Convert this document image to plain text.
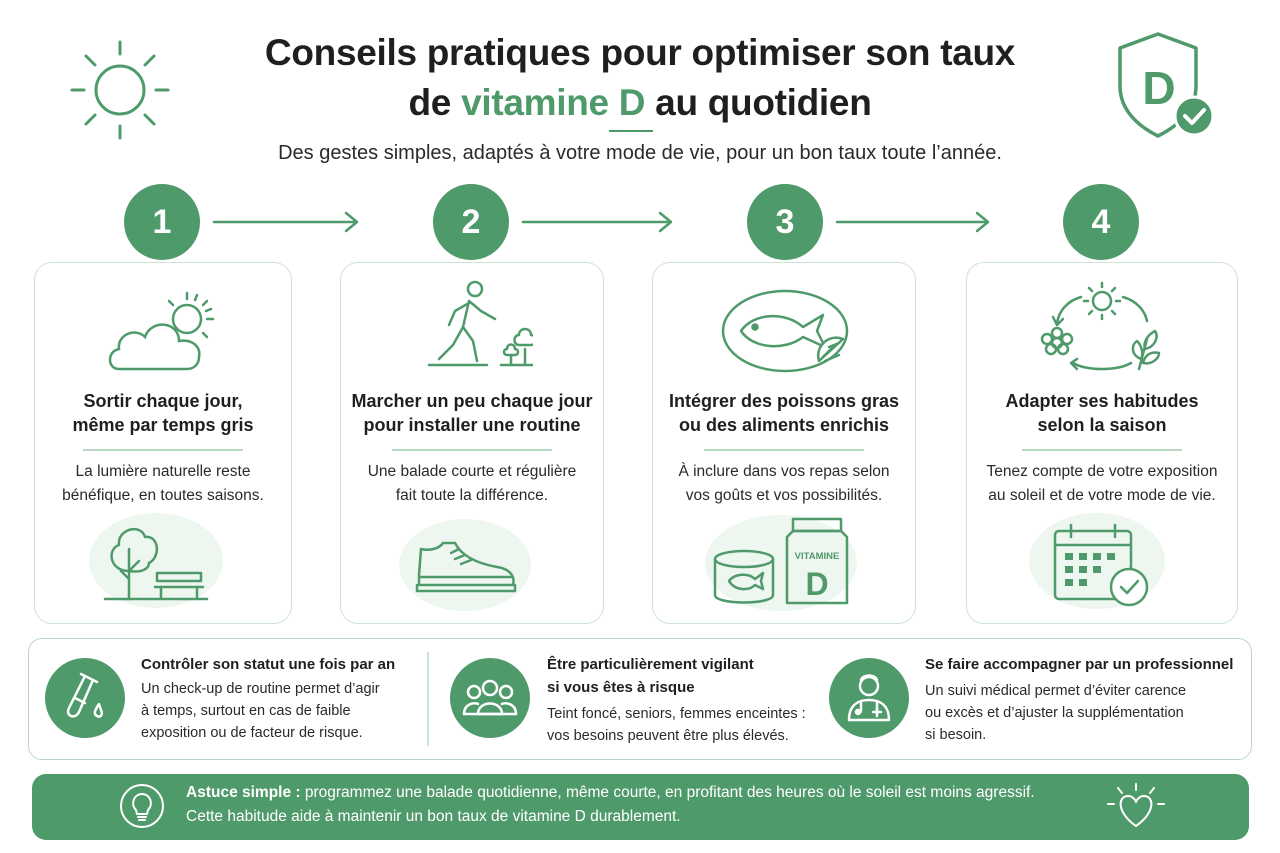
D
Conseils pratiques pour optimiser son taux
de vitamine D au quotidien
Des gestes simples, adaptés à votre mode de vie, pour un bon taux toute l’année.
1	2	3	4
Sortir chaque jour,
même par temps gris
La lumière naturelle reste
bénéfique, en toutes saisons.
Marcher un peu chaque jour
pour installer une routine
Une balade courte et régulière
fait toute la différence.
Intégrer des poissons gras
ou des aliments enrichis
À inclure dans vos repas selon
vos goûts et vos possibilités.
VITAMINE
D
Adapter ses habitudes
selon la saison
Tenez compte de votre exposition
au soleil et de votre mode de vie.
Contrôler son statut une fois par an
Un check-up de routine permet d’agir
à temps, surtout en cas de faible
exposition ou de facteur de risque.
Être particulièrement vigilant
si vous êtes à risque
Teint foncé, seniors, femmes enceintes :
vos besoins peuvent être plus élevés.
Se faire accompagner par un professionnel
Un suivi médical permet d’éviter carence
ou excès et d’ajuster la supplémentation
si besoin.
Astuce simple : programmez une balade quotidienne, même courte, en profitant des heures où le soleil est moins agressif.
Cette habitude aide à maintenir un bon taux de vitamine D durablement.
